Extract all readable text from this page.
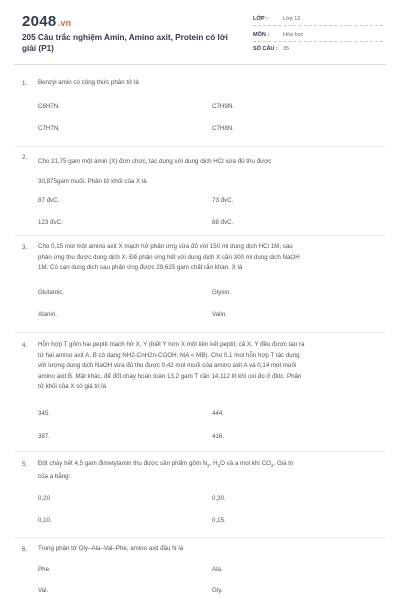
2048.vn
205 Câu trắc nghiệm Amin, Amino axit, Protein có lời giải (P1)
LỚP :	Lớp 12
MÔN :	Hóa học
SỐ CÂU : 35
1. Benzyl amin có công thức phân tử là
C6H7N.	C7H9N.
C7H7N.	C7H8N.
2.
Cho 21,75 gam một amin (X) đơn chức, tác dụng với dung dịch HCl vừa đủ thu được
30,875gam muối. Phân tử khối của X là
87 đvC.	73 đvC.
123 đvC.	88 đvC.
3. Cho 0,15 mol một amino axit X mạch hở phản ứng vừa đủ với 150 ml dung dịch HCl 1M, sau
phản ứng thu được dung dịch X. Để phản ứng hết với dung dịch X cần 300 ml dung dịch NaOH
1M. Cô cạn dung dịch sau phản ứng được 29,625 gam chất rắn khan. X là
Glutamic.	Glyxin.
Alanin.	Valin.
4. Hỗn hợp T gồm hai peptit mạch hở X, Y (biết Y hơn X một liên kết peptit; cả X, Y đều được tạo ra
từ hai amino axit A, B có dạng NH2-CnH2n-COOH, MA < MB). Cho 0,1 mol hỗn hợp T tác dụng
với lượng dung dịch NaOH vừa đủ thu được 0,42 mol muối của amino axit A và 0,14 mol muối
amino axit B. Mặt khác, để đốt cháy hoàn toàn 13,2 gam T cần 14,112 lít khí oxi đo ở đktc. Phân
tử khối của X có giá trị là
345.	444.
387.	416.
5. Đốt cháy hết 4,5 gam đimetylamin thu được sản phẩm gồm $N_2$, $H_2O$ và a mol khí $CO_2$. Giá trị
của a bằng:
0,20	0,30.
0,10.	0,15.
6. Trong phân tử Gly–Ala–Val–Phe, amino axit đầu N là
Phe.	Ala.
Val.	Gly.
